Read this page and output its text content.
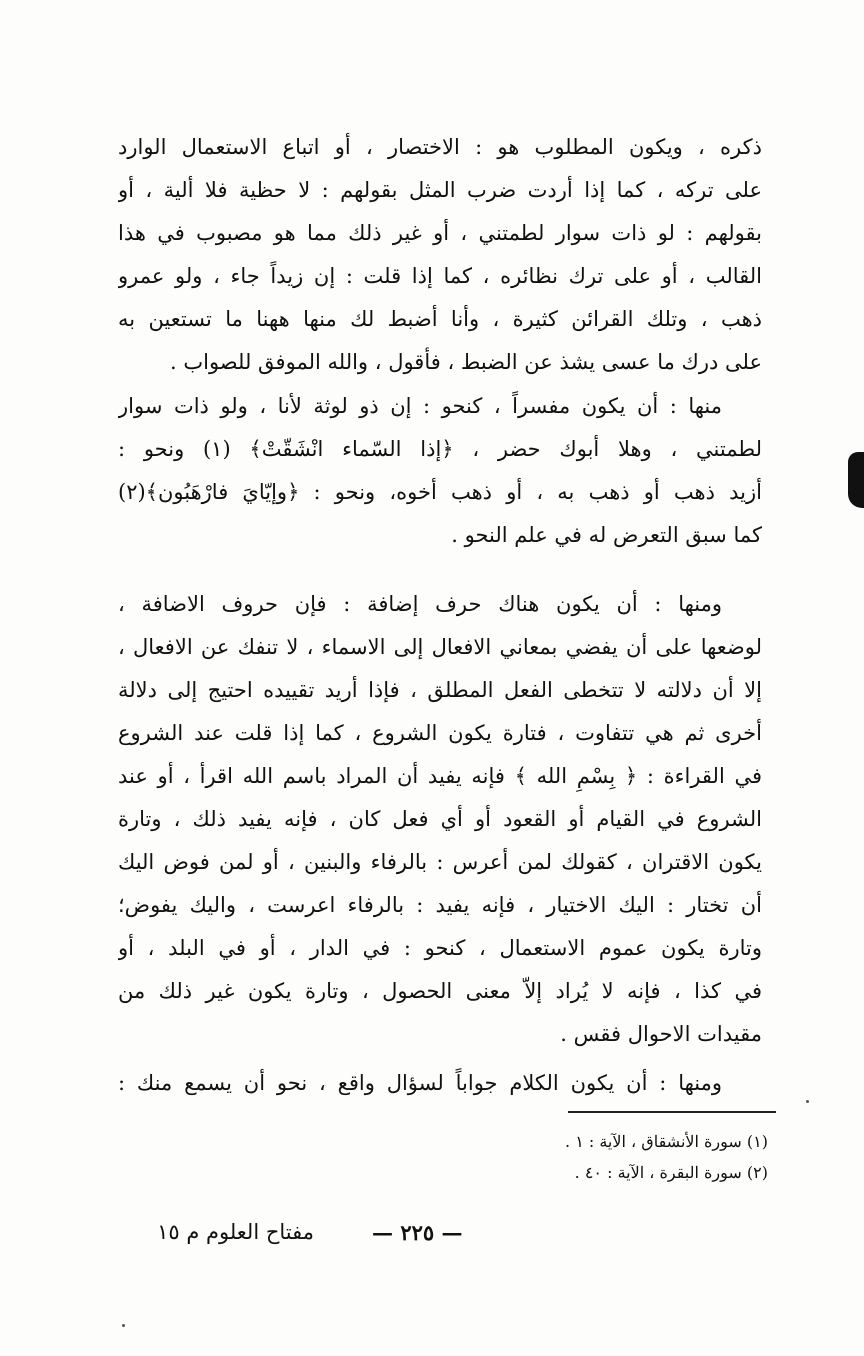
ذكره ، ويكون المطلوب هو : الاختصار ، أو اتباع الاستعمال الوارد
على تركه ، كما إذا أردت ضرب المثل بقولهم : لا حظية فلا ألية ، أو
بقولهم : لو ذات سوار لطمتني ، أو غير ذلك مما هو مصبوب في هذا
القالب ، أو على ترك نظائره ، كما إذا قلت : إن زيداً جاء ، ولو عمرو
ذهب ، وتلك القرائن كثيرة ، وأنا أضبط لك منها ههنا ما تستعين به
على درك ما عسى يشذ عن الضبط ، فأقول ، والله الموفق للصواب .
منها : أن يكون مفسراً ، كنحو : إن ذو لوثة لأنا ، ولو ذات سوار
لطمتني ، وهلا أبوك حضر ، ﴿إذا السّماء انْشَقّتْ﴾ (١) ونحو :
أزيد ذهب أو ذهب به ، أو ذهب أخوه، ونحو : ﴿وإيّايَ فارْهَبُون﴾(٢)
كما سبق التعرض له في علم النحو .
ومنها : أن يكون هناك حرف إضافة : فإن حروف الاضافة ،
لوضعها على أن يفضي بمعاني الافعال إلى الاسماء ، لا تنفك عن الافعال ،
إلا أن دلالته لا تتخطى الفعل المطلق ، فإذا أريد تقييده احتيج إلى دلالة
أخرى ثم هي تتفاوت ، فتارة يكون الشروع ، كما إذا قلت عند الشروع
في القراءة : ﴿ بِسْمِ الله ﴾ فإنه يفيد أن المراد باسم الله اقرأ ، أو عند
الشروع في القيام أو القعود أو أي فعل كان ، فإنه يفيد ذلك ، وتارة
يكون الاقتران ، كقولك لمن أعرس : بالرفاء والبنين ، أو لمن فوض اليك
أن تختار : اليك الاختيار ، فإنه يفيد : بالرفاء اعرست ، واليك يفوض؛
وتارة يكون عموم الاستعمال ، كنحو : في الدار ، أو في البلد ، أو
في كذا ، فإنه لا يُراد إلاّ معنى الحصول ، وتارة يكون غير ذلك من
مقيدات الاحوال فقس .
ومنها : أن يكون الكلام جواباً لسؤال واقع ، نحو أن يسمع منك :
(١) سورة الأنشقاق ، الآية : ١ .
(٢) سورة البقرة ، الآية : ٤٠ .
مفتاح العلوم م ١٥	— ٢٢٥ —
